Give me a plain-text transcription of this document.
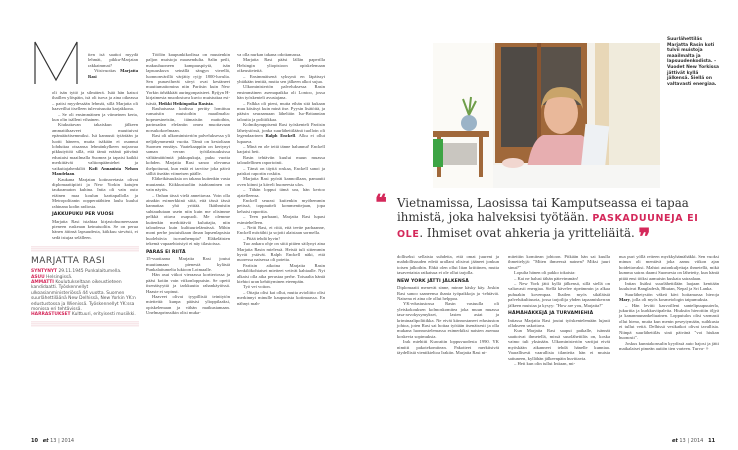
iten isä saattoi myydä lehmät, pikku-Marjatan rakkaimmat?

Viisivuotias Marjatta Rasi

oli isän tyttö ja silmäterä. Isää hän katsoi ihaillen ylöspäin, isä oli turva ja aina oikeassa – paitsi myydessään lehmät, sillä Marjatta oli haaveillut itselleen tulevaisuutta karjakkona.

– Se oli ensimmäinen ja viimeinen kerta, kun olin isälleni vihainen.

Kiukuttavan takaiskun jälkeen ammattihaaveet muuttuivat epämääräisemmiksi. Isä kannusti tytärtään ja luotti häneen, mutta isäkään ei osannut lohduttaa otsaansa lehmänkylkeen nojaavaa pikkutyttöä sillä, että tämä eräänä päivänä edustaisi maailmalla Suomea ja tapaisi kaikki merkittävät valtionpäämiehet ja vaikuttajahenkilöt Kofi Annanista Nelson Mandelaan.

Kaukana Marjatan kotinavetasta olivat diplomaattipiirit ja New Yorkin katujen taukoamaton kuhina. Intia oli vain outo etäinen maa koulun karttapallolla ja Metropolitanin oopperatähtien laulu kuului rahinana kodin radiosta.

JAKKUPUKU PER VUOSI

Marjatta Rasi istahtaa kirjastohuoneessaan pieneen ruskeaan keinutuoliin. Se on perua hänen äitinsä lapsuudesta, kiikkuu sievästi, ei sedä istujaa selälleen.

MARJATTA RASI
SYNTYNYT 29.11.1945 Punkalaitumella.
ASUU Helsingissä.
AMMATTI Koulutukseltaan oikeustieteen kandidaatti. Työskennellyt ulkoasianministeriössä 44 vuotta. Suomen suurlähettiläänä New Delhissä, New Yorkin YK:n edustustossa ja Wienissä. Työskennellyt YK:ssa monissa eri tehtävissä.
HARRASTUKSET Kulttuuri, erityisesti musiikki.

Töölön kaupunkikodissa on muutenkin paljon muistoja maasendulta. Salin peili, makuuhuoneen kampauspöytä, isän lapsuuskuva seinällä sängyn vierellä, luonnonvärillä värjätty ryijy 1800-luvulta. Sen punavihreät sävyt ovat kestäneet muuttumattomina niin Pariisin kuin New Yorkin ärhäkkäät auringonpaisteet. Ryijyn H-kirjaimesta muodostuva kuvio muistuttaa esi-isästä, Heikki Heikinpoika Rasista.

Rauhaisassa kodissa peritty lomittuu runsaisiin muistoihin maailmalta: hopeaesineisiin, itämaisiin mattoihin, parinsadan elefantin omea muottavaan norsukokoelmaan.

Rasi oli ulkoministeriön palveluksessa yli neljäkymmentä vuotta. Tämä on kestoltaan Suomen ennätys. Vaatekaappiin on kertynyt saman verran työtilaisuuksissa välttämättömiä jakkupukuja, puku vuotta kohden. Marjatta Rasi sanoo olevansa ihelpottunut, kun enää ei tarvitse joka päivä sälliä itseään viimeisen päälle.

Eläkeikäsuuksia on takana kuitenkin vasta muutamia. Kiikkustuoliin istahtaminen on vain näytös.

– Onhan tässä vielä annettavaa. Voin olla ainakin esimerkkinä siitä, että tässä iässä kannattaa yhä yrittää. Ikäihmisiin suhtaudutaan usein niin kuin me olisimme pelkkä ottava osapuoli. Me olemme kuitenkin merkittäviä kuluttajia, niin taloudessa kuin kulttuurielämässä. Mihin moni perhe joutuisikaan ilman lapsenlapsista huolehtivia isovanhempia? Eläkeläisten tekemä vapaaehtoistyö ei näy tilastoissa.

PARAS EI RIITÄ

15-vuotiaana Marjatta Rasi joutui muuttamaan pienestä kylästä Punkalaitumelta lukioon Loimaalle.

Hän asui viikot vieraassa kortteriossa ja pääsi kotiin vain viikonloppuisin. Se opetti itsenäisyyttä ja tarkkuutta rahankäytössä. Haaste ei sopinut.

Haaveet olivat tyypillisiä teinitytön mietteitä: kunpa pääsisi ylioppilaaksi, opiskelemaan ja vähän matkustamaan. Unelmaprinssikin olisi muka-

va olla nurkan takana odottamassa.

Marjatta Rasi pääsi lällän paperilla Helsingin yliopistoon opiskelemaan oikeustieteitä.

– Ensimmäisenä syksynä en läpäissyt yhtäkään tenttiä, mutta sen jälkeen alkoi sujua.

Ulkoministeriön palveluksessa Rasin ensimmäinen asemapaikka oli Lontoo, jossa hän työskenteli avustajana.

– Palkka oli pieni, mutta eihän sitä kukaan muu käsiisyt kuin minä itse. Pyysin lisätöitä, ja pääsin seuraamaan läheltäin Iso-Britannian taloutta ja politiikkaa.

Kolmikymppisenä Rasi työskenteli Pariisin lähetystössä, jonka suurlähettiläänä tuolloin oli legendaarinen Ralph Enckell. Alku ei ollut lupaava.

– Minä en ole teitä tänne halunnut! Enckell karjaisi heti.

Rasin tehtäviin kuului muun muassa taloudellinen raportointi.

– Tämä on täyttä roskaa, Enckell sanoi ja paiskoi raportin roskiin.

Marjatta Rasi pyöräi kannoillaan, pamautti oven kiinni ja käveli huoneesta ulos.

– Tähän loppui tämä ura, hän kertoo ajatelleensa.

Enckell seurasi kuitenkin myöhemmin petissä, toppautteli kommenttejaan, jopa kehaisi raporttia.

– Teen parhaani, Marjatta Rasi lupasi esimiehelleen.

– Neiti Rasi, ei riitä, että teette parhaanne, Enckell möräihti ja sojotti alaistaan sormella.

– Pitää tehdä hyvin!

Tuo ankara ohje on siitä pitäen säilynyt aina Marjatta Rasin mielessä. Heistä tuli sittemmin hyvät ystävät. Ralph Enckell näki, että nuoressa naisessa oli potetta.

Pariisin aikoina Marjatta Rasin henkilökohtaiset mietteet vetivät kahtaalle. Nyt alkaisi olla aika perustaa perhe. Toisaalta häntä kiehtoi uran kehittyminen eteenpäin.

Työ vei voiton.

– Ottajia olisi kai ollut, mutta avioliitto olisi merkinnyt minulle kaupunista kotimaassa. En nähnyt mah-

10 et 13 | 2014
Suurlähettiläs Marjatta Rasin koti tulvii muistoja maailmalta ja lapsuudenkodista. – Vuodet New Yorkissa jättivät kyllä jälkensä. Siellä on valtavasti energiaa.
❝ Vietnamissa, Laosissa tai Kamputseassa ei tapaa ihmistä, joka halveksisi työtään. PASKADUUNEJA EI OLE. Ihmiset ovat ahkeria ja yritteliäitä. ❞

dolliseksi sellaista suhdetta, että omat juureni ja mahdollisuuden edetä urallani olisivat jääneet jonkun toisen jalkoihin. Ehkä olen ollut liian kriittinen, mutta tasavertaista ratkaisua ei ole ollut tarjolla.

NEW YORK JÄTTI JÄLKENSÄ

Diplomaatit menevät sinne, minne käsky käy. Joskin Rasi sanoo saaneensa ihania työpaikkoja ja -tehtäviä. Naisena ei aina ole ollut helppoa.

YK-edustustossa Rasin vastuulla oli yleiskokouksen kolmoskomitea joka muun muassa tasa-arvokysymykset, lasten asiat ja kriminaalipolitiikka. Ne eivät kiinnostaneet edustuston johtoa, joten Rasi sai hoitaa työtään itsenäisesti ja olla mukana luonnostelemassa esimerkiksi naisten asemaa koskevia sopimuksia.

Irak miehitti Kuwaitin loppuvuodesta 1990. YK nimitti pakotekomitean. Pakotteet merkitsivät täydellistä vientikieltoa Irakiin. Marjatta Rasi ni-

mitettiin komitean johtoon. Pitkään hän sai kuulla ihmettelyjä: "Miten ihmeessä nainen? Miksi juuri sinut?"

Lopulta hänen oli pakko tokaista:

– Kai ne halusi tähän pätevimmän!

– New York jätti kyllä jälkensä, sillä siellä on valtavasti energiaa. Siellä kävelee ripeämmin ja alkaa puhuakin kovempaa. Ihailen myös sikäläistä palvelukulttuuria, jossa tarjoilija yhden tapaamiskerran jälkeen muistaa ja kysyy: "How are you, Marjatta?"

HÄMÄHÄKKEJÄ JA TURVAMIEHIÄ

Intiassa Marjatta Rasi joutui työskentelemään lujasti ollakseen uskottava.

Kun Marjatta Rasi saapui paikalle, isännät saattoivat ihmetellä, missä suurlähettiläs on, koska vaimo tuli yksinään. Ulkoministeriön vartijat eivät myöskään aikanneet tehdä hänelle kunniaa. Vaarallisesti vaarallisia tilanteita hän ei muista sattuneen, kyllähän jälkeenpäin huvittavia.

– Heti kun olin tullut Intiaan, mi-

nua puri yöllä reiteen myrkkyhämähäkki. Sen vuoksi minun oli mentävä joka aamu viikon ajan hoidettavaksi. Mahtoi autonkuljettaja ihmetellä, mikä kumma sairas daami Suomesta on lähetetty, kun häntä pitää ensi töiksi aamuisin kuskata sairaalaan.

Intian lisäksi suurlähettilään laajaan kenttään kuuluivat Bangladesh, Bhutan, Nepal ja Sri Lanka.

Suurlähetystön väkeä kävi hoitamassa hieroja Mary, jolla oli myös kosmetologin taipumuksia.

– Hän levitti kasvoilleni santelipuupuuterla, jukurttia ja kurkkuviipaleita. Hiuksiin hierottiin öljyä ja kananmunankeltuainen. Lopputulos olisi varmasti ollut hieno, mutta kun menin peseytymään, suihkusta ei tullut vettä. Delhissä vesikatkot olivat tavallisia. Niinpä suurlähettiläs sinä päivänä "voi hiukan huonosti".

Joskus kunniakonsulin kyydissä auto hajosi ja jätti matkalaiset pimeän autiön tien varteen. Turva- »

et 13 | 2014 11
